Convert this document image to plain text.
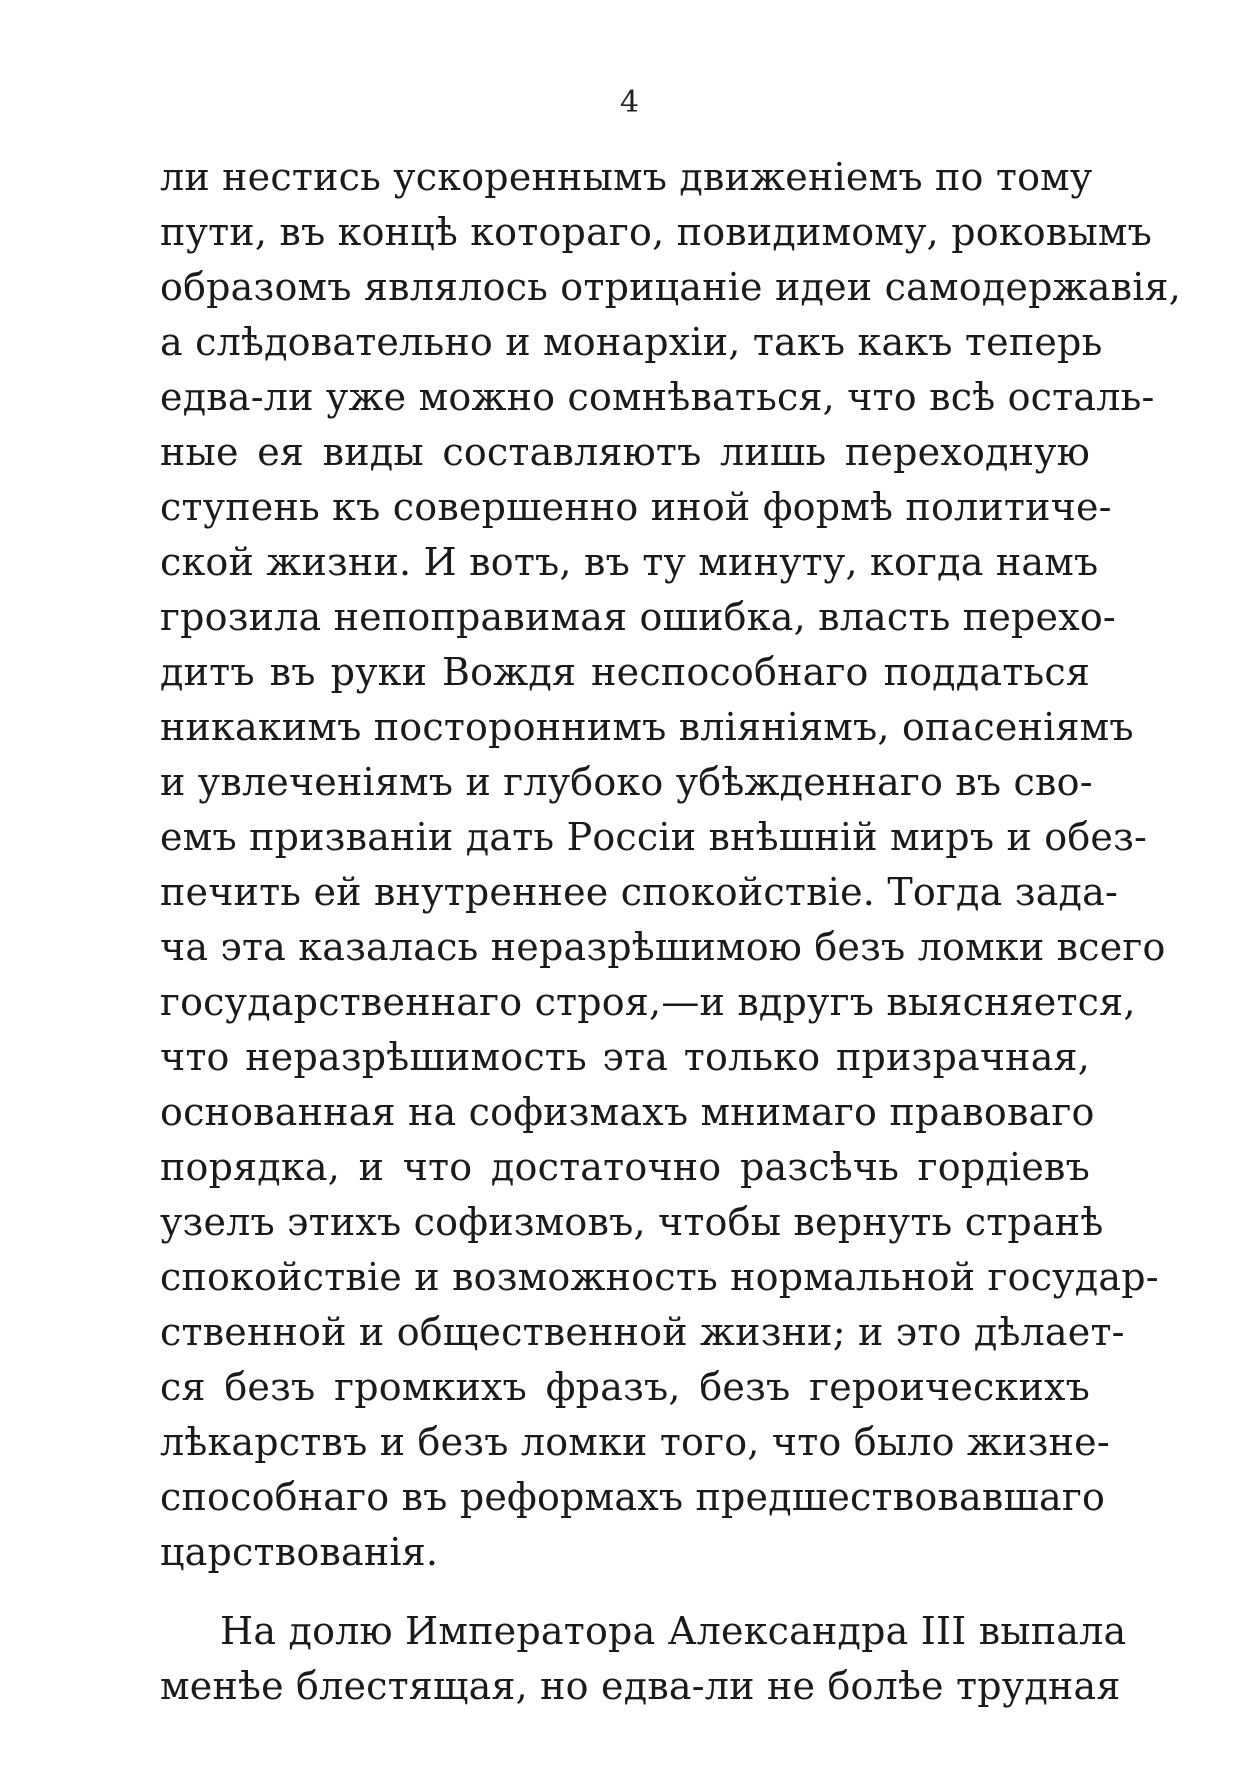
4
ли нестись ускореннымъ движеніемъ по тому
пути, въ концѣ котораго, повидимому, роковымъ
образомъ являлось отрицаніе идеи самодержавія,
а слѣдовательно и монархіи, такъ какъ теперь
едва-ли уже можно сомнѣваться, что всѣ осталь-
ные ея виды составляютъ лишь переходную
ступень къ совершенно иной формѣ политиче-
ской жизни. И вотъ, въ ту минуту, когда намъ
грозила непоправимая ошибка, власть перехо-
дитъ въ руки Вождя неспособнаго поддаться
никакимъ постороннимъ вліяніямъ, опасеніямъ
и увлеченіямъ и глубоко убѣжденнаго въ сво-
емъ призваніи дать Россіи внѣшній миръ и обез-
печить ей внутреннее спокойствіе. Тогда зада-
ча эта казалась неразрѣшимою безъ ломки всего
государственнаго строя,—и вдругъ выясняется,
что неразрѣшимость эта только призрачная,
основанная на софизмахъ мнимаго правоваго
порядка, и что достаточно разсѣчь гордіевъ
узелъ этихъ софизмовъ, чтобы вернуть странѣ
спокойствіе и возможность нормальной госудap-
ственной и общественной жизни; и это дѣлает-
ся безъ громкихъ фразъ, безъ героическихъ
лѣкарствъ и безъ ломки того, что было жизне-
способнаго въ реформахъ предшествовавшаго
царствованія.
На долю Императора Александра III выпала
менѣе блестящая, но едва-ли не болѣе трудная
